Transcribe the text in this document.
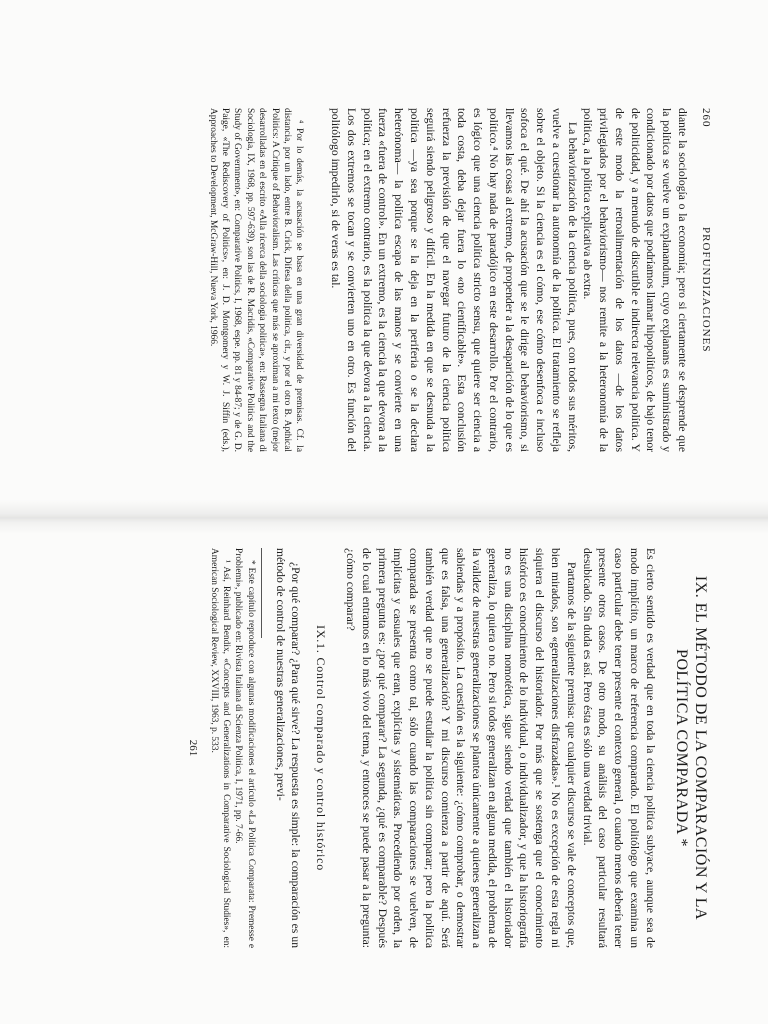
260
PROFUNDIZACIONES

diante la sociología o la economía; pero si ciertamente se desprende que la política se vuelve un explanandum, cuyo explanans es suministrado y condicionado por datos que podríamos llamar hipopolíticos, de bajo tenor de politicidad, y a menudo de discutible e indirecta relevancia política. Y de este modo la retroalimentación de los datos —de los datos privilegiados por el behaviorismo— nos remite a la heteronomía de la política, a la política explicativa ab extra.

La behaviorización de la ciencia política, pues, con todos sus méritos, vuelve a cuestionar la autonomía de la política. El tratamiento se refleja sobre el objeto. Si la ciencia es el cómo, ese cómo desenfoca e incluso sofoca el qué. De ahí la acusación que se le dirige al behaviorismo, si llevamos las cosas al extremo, de propender a la desaparición de lo que es político.⁴ No hay nada de paradójico en este desarrollo. Por el contrario, es lógico que una ciencia política stricto sensu, que quiere ser ciencia a toda costa, deba dejar fuera lo «no científicable». Esta conclusión refuerza la previsión de que el navegar futuro de la ciencia política seguirá siendo peligroso y difícil. En la medida en que se desnuda a la política —ya sea porque se la deja en la periferia o se la declara heterónoma— la política escapa de las manos y se convierte en una fuerza «fuera de control». En un extremo, es la ciencia la que devora a la política; en el extremo contrario, es la política la que devora a la ciencia. Los dos extremos se tocan y se convierten uno en otro. Es función del politólogo impedirlo, si de veras es tal.

⁴ Por lo demás, la acusación se basa en una gran diversidad de premisas. Cf. la distancia, por un lado, entre B. Crick, Difesa della politica, cit., y por el otro B. Apthical Politics: A Critique of Behavioralism. Las críticas que más se aproximan a mi texto (mejor desarrolladas en el escrito «Alla ricerca della sociologia politica», en: Rassegna Italiana di Sociologia, IX, 1968, pp. 597-639), son las de R. Macridis, «Comparative Politics and the Study of Government», en: Comparative Politics, I, 1968, espe. pp. 81 y 84-87; y de G. D. Paige, «The Rediscovery of Politics», en: J. D. Montgomery y W. J. Siffin (eds.), Approaches to Development, McGraw-Hill, Nueva York, 1966.

IX. EL MÉTODO DE LA COMPARACIÓN Y LA POLÍTICA COMPARADA *

Es cierto sentido es verdad que en toda la ciencia política subyace, aunque sea de modo implícito, un marco de referencia comparado. El politólogo que examina un caso particular debe tener presente el contexto general, o cuando menos debería tener presente otros casos. De otro modo, su análisis del caso particular resultará desubicado. Sin duda es así. Pero ésta es sólo una verdad trivial.

Partamos de la siguiente premisa: que cualquier discurso se vale de conceptos que, bien mirados, son «generalizaciones disfrazadas».¹ No es excepción de esta regla ni siquiera el discurso del historiador. Por más que se sostenga que el conocimiento histórico es conocimiento de lo individual, o individualizador, y que la historiografía no es una disciplina nomotética, sigue siendo verdad que también el historiador generaliza, lo quiera o no. Pero si todos generalizan en alguna medida, el problema de la validez de nuestras generalizaciones se plantea únicamente a quienes generalizan a sabiendas y a propósito. La cuestión es la siguiente: ¿cómo comprobar, o demostrar que es falsa, una generalización? Y mi discurso comienza a partir de aquí. Será también verdad que no se puede estudiar la política sin comparar; pero la política comparada se presenta como tal, sólo cuando las comparaciones se vuelven, de implícitas y casuales que eran, explícitas y sistemáticas. Procediendo por orden, la primera pregunta es: ¿por qué comparar? La segunda, ¿qué es comparable? Después de lo cual entramos en lo más vivo del tema, y entonces se puede pasar a la pregunta: ¿cómo comparar?

IX.1. Control comparado y control histórico

¿Por qué comparar? ¿Para qué sirve? La respuesta es simple: la comparación es un método de control de nuestras generalizaciones, previ-

* Este capítulo reproduce con algunas modificaciones el artículo «La Política Comparata: Premesse e Problemi», publicado en: Rivista Italiana di Scienza Politica, I, 1971, pp. 7-66.

¹ Así, Reinhard Bendix, «Concepts and Generalizations in Comparative Sociological Studies», en: American Sociological Review, XXVIII, 1963, p. 533.

261
